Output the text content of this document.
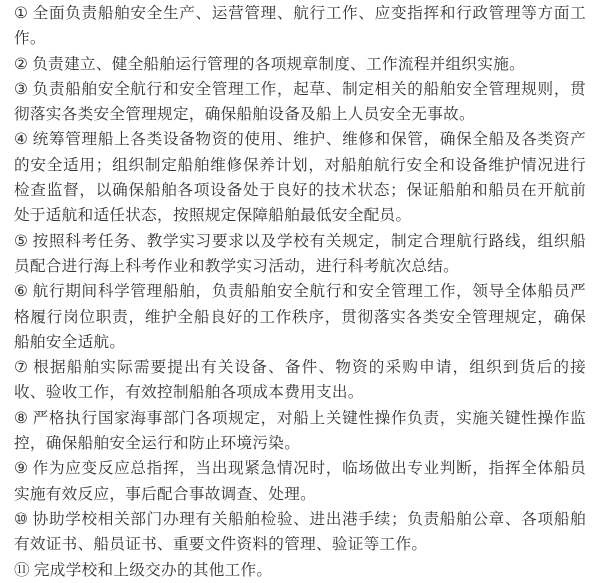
① 全面负责船舶安全生产、运营管理、航行工作、应变指挥和行政管理等方面工作。

② 负责建立、健全船舶运行管理的各项规章制度、工作流程并组织实施。

③ 负责船舶安全航行和安全管理工作，起草、制定相关的船舶安全管理规则，贯彻落实各类安全管理规定，确保船舶设备及船上人员安全无事故。

④ 统筹管理船上各类设备物资的使用、维护、维修和保管，确保全船及各类资产的安全适用；组织制定船舶维修保养计划，对船舶航行安全和设备维护情况进行检查监督，以确保船舶各项设备处于良好的技术状态；保证船舶和船员在开航前处于适航和适任状态，按照规定保障船舶最低安全配员。

⑤ 按照科考任务、教学实习要求以及学校有关规定，制定合理航行路线，组织船员配合进行海上科考作业和教学实习活动，进行科考航次总结。

⑥ 航行期间科学管理船舶，负责船舶安全航行和安全管理工作，领导全体船员严格履行岗位职责，维护全船良好的工作秩序，贯彻落实各类安全管理规定，确保船舶安全适航。

⑦ 根据船舶实际需要提出有关设备、备件、物资的采购申请，组织到货后的接收、验收工作，有效控制船舶各项成本费用支出。

⑧ 严格执行国家海事部门各项规定，对船上关键性操作负责，实施关键性操作监控，确保船舶安全运行和防止环境污染。

⑨ 作为应变反应总指挥，当出现紧急情况时，临场做出专业判断，指挥全体船员实施有效反应，事后配合事故调查、处理。

⑩ 协助学校相关部门办理有关船舶检验、进出港手续；负责船舶公章、各项船舶有效证书、船员证书、重要文件资料的管理、验证等工作。

⑪ 完成学校和上级交办的其他工作。
